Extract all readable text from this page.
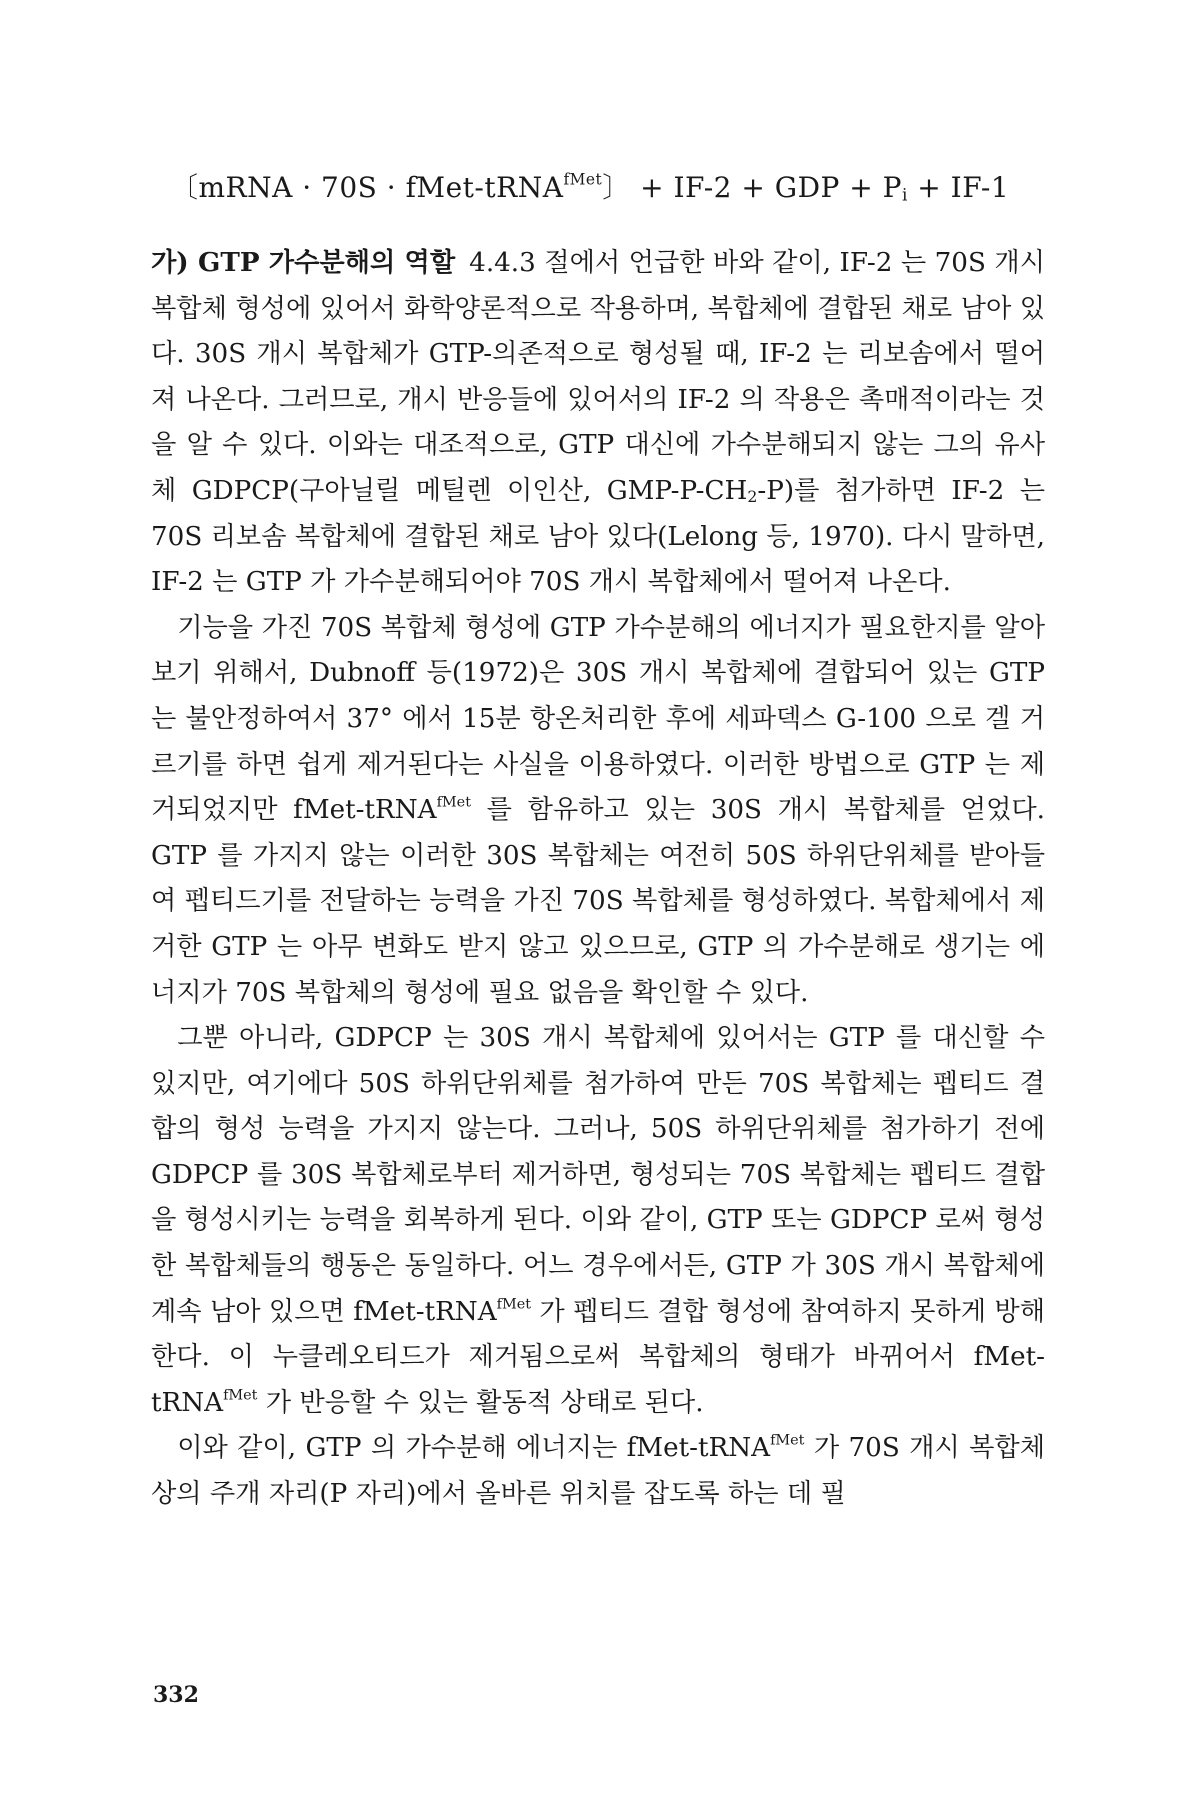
〔mRNA · 70S · fMet-tRNA$^{fMet}$〕 + IF-2 + GDP + $P_i + IF-1$

가) GTP 가수분해의 역할 4.4.3 절에서 언급한 바와 같이, IF-2 는 70S 개시 복합체 형성에 있어서 화학양론적으로 작용하며, 복합체에 결합된 채로 남아 있다. 30S 개시 복합체가 GTP-의존적으로 형성될 때, IF-2 는 리보솜에서 떨어져 나온다. 그러므로, 개시 반응들에 있어서의 IF-2 의 작용은 촉매적이라는 것을 알 수 있다. 이와는 대조적으로, GTP 대신에 가수분해되지 않는 그의 유사체 GDPCP(구아닐릴 메틸렌 이인산, GMP-$P-CH_2-P$)를 첨가하면 IF-2 는 70S 리보솜 복합체에 결합된 채로 남아 있다(Lelong 등, 1970). 다시 말하면, IF-2 는 GTP 가 가수분해되어야 70S 개시 복합체에서 떨어져 나온다.

기능을 가진 70S 복합체 형성에 GTP 가수분해의 에너지가 필요한지를 알아보기 위해서, Dubnoff 등(1972)은 30S 개시 복합체에 결합되어 있는 GTP 는 불안정하여서 37° 에서 15분 항온처리한 후에 세파덱스 G-100 으로 겔 거르기를 하면 쉽게 제거된다는 사실을 이용하였다. 이러한 방법으로 GTP 는 제거되었지만 fMet-tRNA$^{fMet}$ 를 함유하고 있는 30S 개시 복합체를 얻었다. GTP 를 가지지 않는 이러한 30S 복합체는 여전히 50S 하위단위체를 받아들여 펩티드기를 전달하는 능력을 가진 70S 복합체를 형성하였다. 복합체에서 제거한 GTP 는 아무 변화도 받지 않고 있으므로, GTP 의 가수분해로 생기는 에너지가 70S 복합체의 형성에 필요 없음을 확인할 수 있다.

그뿐 아니라, GDPCP 는 30S 개시 복합체에 있어서는 GTP 를 대신할 수 있지만, 여기에다 50S 하위단위체를 첨가하여 만든 70S 복합체는 펩티드 결합의 형성 능력을 가지지 않는다. 그러나, 50S 하위단위체를 첨가하기 전에 GDPCP 를 30S 복합체로부터 제거하면, 형성되는 70S 복합체는 펩티드 결합을 형성시키는 능력을 회복하게 된다. 이와 같이, GTP 또는 GDPCP 로써 형성한 복합체들의 행동은 동일하다. 어느 경우에서든, GTP 가 30S 개시 복합체에 계속 남아 있으면 fMet-tRNA$^{fMet}$ 가 펩티드 결합 형성에 참여하지 못하게 방해한다. 이 누클레오티드가 제거됨으로써 복합체의 형태가 바뀌어서 fMet-tRNA$^{fMet}$ 가 반응할 수 있는 활동적 상태로 된다.

이와 같이, GTP 의 가수분해 에너지는 fMet-tRNA$^{fMet}$ 가 70S 개시 복합체 상의 주개 자리(P 자리)에서 올바른 위치를 잡도록 하는 데 필

332
